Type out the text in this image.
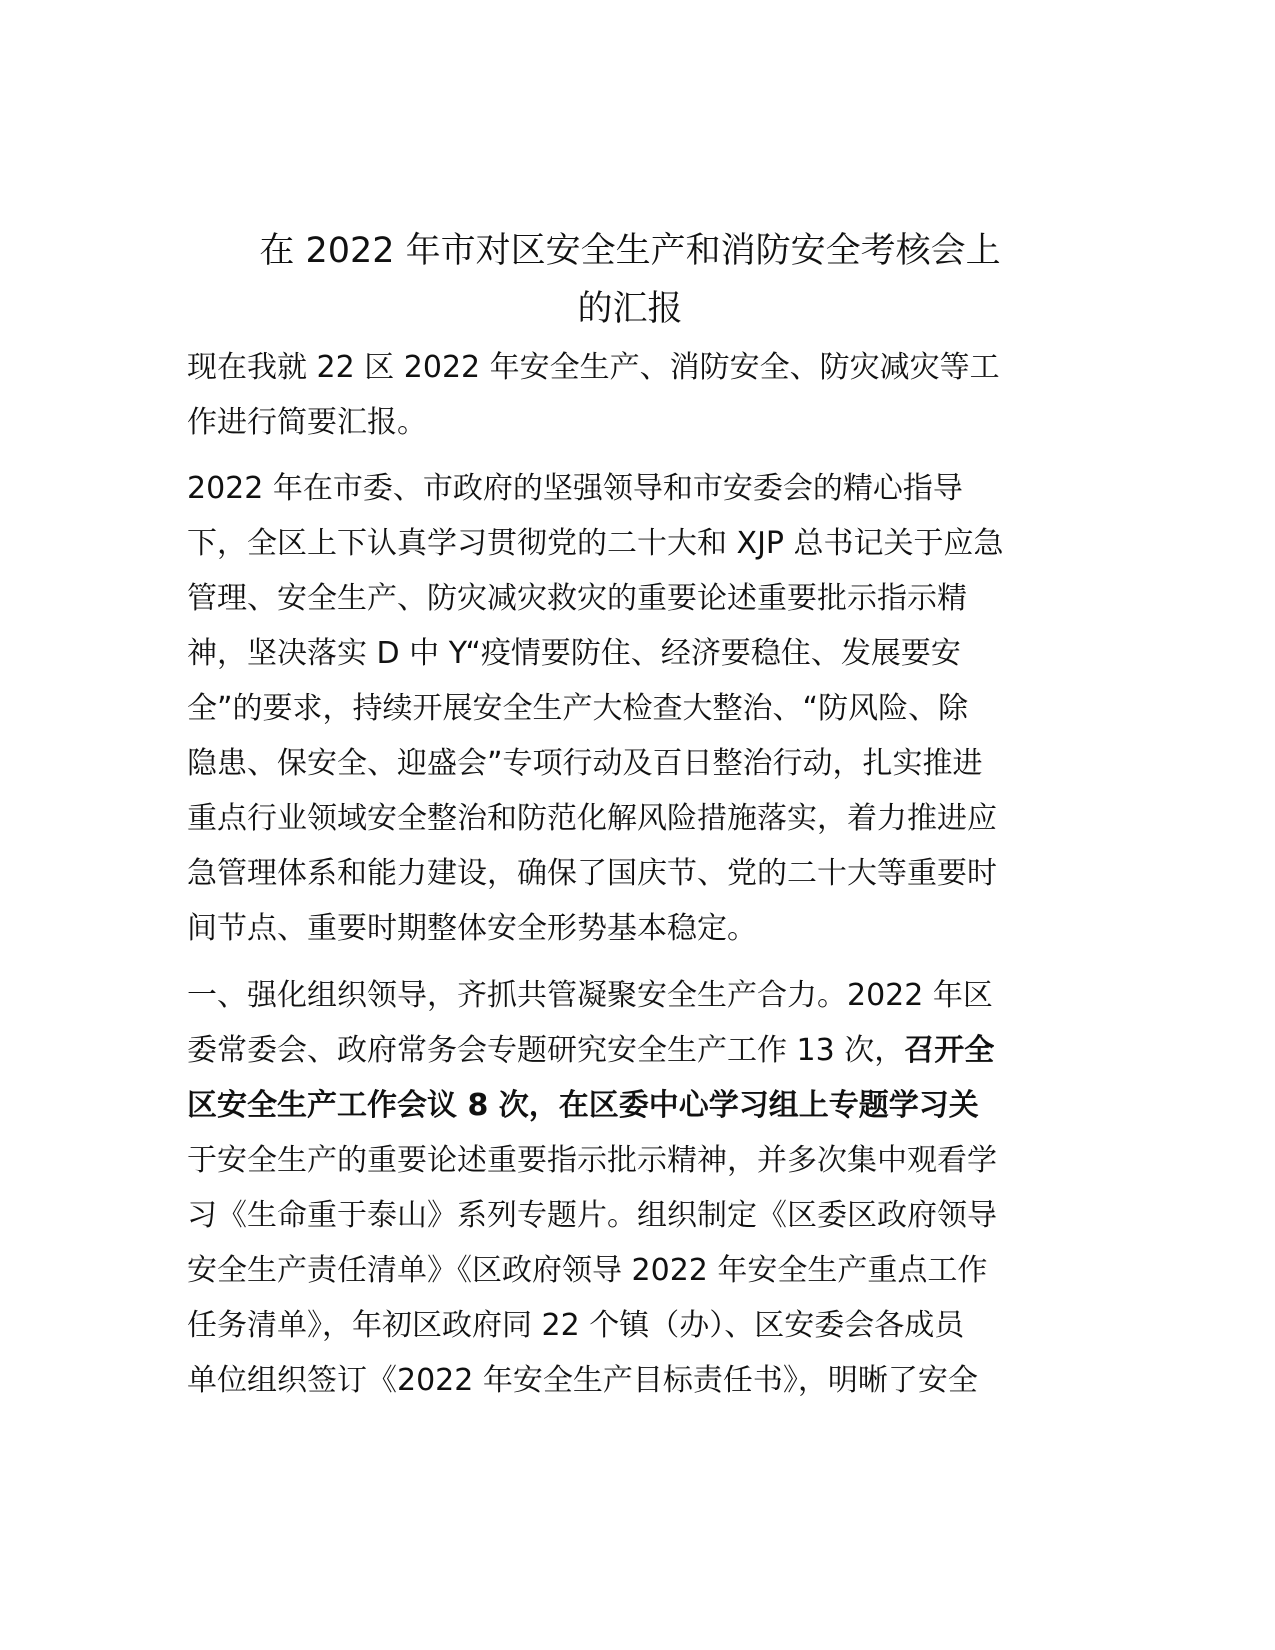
在 2022 年市对区安全生产和消防安全考核会上
的汇报
现在我就 22 区 2022 年安全生产、消防安全、防灾减灾等工
作进行简要汇报。
2022 年在市委、市政府的坚强领导和市安委会的精心指导
下，全区上下认真学习贯彻党的二十大和 XJP 总书记关于应急
管理、安全生产、防灾减灾救灾的重要论述重要批示指示精
神，坚决落实 D 中 Y“疫情要防住、经济要稳住、发展要安
全”的要求，持续开展安全生产大检查大整治、“防风险、除
隐患、保安全、迎盛会”专项行动及百日整治行动，扎实推进
重点行业领域安全整治和防范化解风险措施落实，着力推进应
急管理体系和能力建设，确保了国庆节、党的二十大等重要时
间节点、重要时期整体安全形势基本稳定。
一、强化组织领导，齐抓共管凝聚安全生产合力。2022 年区
委常委会、政府常务会专题研究安全生产工作 13 次，召开全
区安全生产工作会议 8 次，在区委中心学习组上专题学习关
于安全生产的重要论述重要指示批示精神，并多次集中观看学
习《生命重于泰山》系列专题片。组织制定《区委区政府领导
安全生产责任清单》《区政府领导 2022 年安全生产重点工作
任务清单》，年初区政府同 22 个镇（办）、区安委会各成员
单位组织签订《2022 年安全生产目标责任书》，明晰了安全
